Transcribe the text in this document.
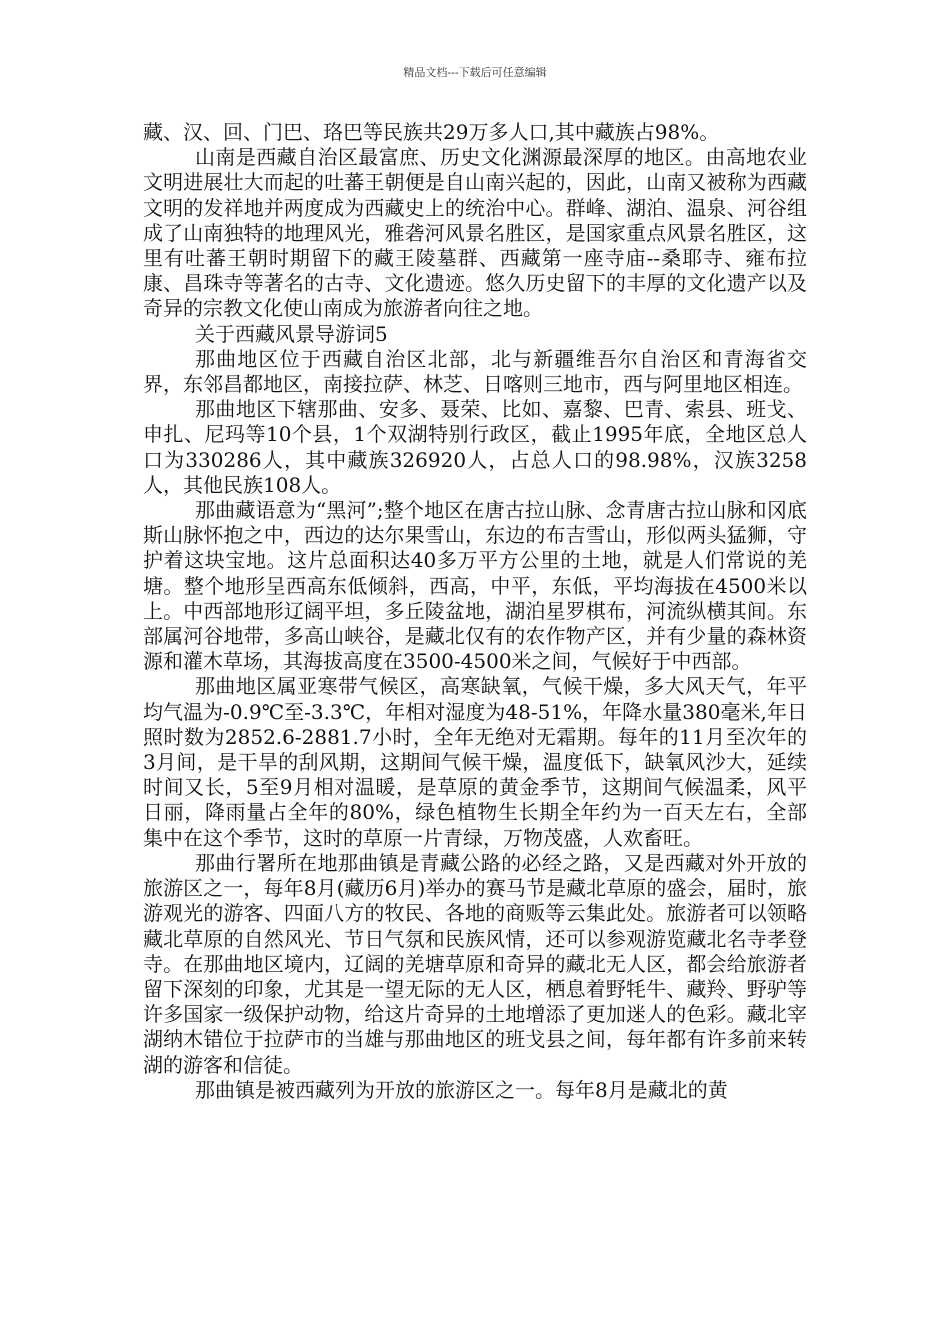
精品文档---下载后可任意编辑

藏、汉、回、门巴、珞巴等民族共29万多人口,其中藏族占98%。

山南是西藏自治区最富庶、历史文化渊源最深厚的地区。由高地农业文明进展壮大而起的吐蕃王朝便是自山南兴起的，因此，山南又被称为西藏文明的发祥地并两度成为西藏史上的统治中心。群峰、湖泊、温泉、河谷组成了山南独特的地理风光，雅砻河风景名胜区，是国家重点风景名胜区，这里有吐蕃王朝时期留下的藏王陵墓群、西藏第一座寺庙--桑耶寺、雍布拉康、昌珠寺等著名的古寺、文化遗迹。悠久历史留下的丰厚的文化遗产以及奇异的宗教文化使山南成为旅游者向往之地。

关于西藏风景导游词5

那曲地区位于西藏自治区北部，北与新疆维吾尔自治区和青海省交界，东邻昌都地区，南接拉萨、林芝、日喀则三地市，西与阿里地区相连。

那曲地区下辖那曲、安多、聂荣、比如、嘉黎、巴青、索县、班戈、申扎、尼玛等10个县，1个双湖特别行政区，截止1995年底，全地区总人口为330286人，其中藏族326920人，占总人口的98.98%，汉族3258人，其他民族108人。

那曲藏语意为“黑河”;整个地区在唐古拉山脉、念青唐古拉山脉和冈底斯山脉怀抱之中，西边的达尔果雪山，东边的布吉雪山，形似两头猛狮，守护着这块宝地。这片总面积达40多万平方公里的土地，就是人们常说的羌塘。整个地形呈西高东低倾斜，西高，中平，东低，平均海拔在4500米以上。中西部地形辽阔平坦，多丘陵盆地，湖泊星罗棋布，河流纵横其间。东部属河谷地带，多高山峡谷，是藏北仅有的农作物产区，并有少量的森林资源和灌木草场，其海拔高度在3500-4500米之间，气候好于中西部。

那曲地区属亚寒带气候区，高寒缺氧，气候干燥，多大风天气，年平均气温为-0.9℃至-3.3℃，年相对湿度为48-51%，年降水量380毫米,年日照时数为2852.6-2881.7小时，全年无绝对无霜期。每年的11月至次年的3月间，是干旱的刮风期，这期间气候干燥，温度低下，缺氧风沙大，延续时间又长，5至9月相对温暖，是草原的黄金季节，这期间气候温柔，风平日丽，降雨量占全年的80%，绿色植物生长期全年约为一百天左右，全部集中在这个季节，这时的草原一片青绿，万物茂盛，人欢畜旺。

那曲行署所在地那曲镇是青藏公路的必经之路，又是西藏对外开放的旅游区之一，每年8月(藏历6月)举办的赛马节是藏北草原的盛会，届时，旅游观光的游客、四面八方的牧民、各地的商贩等云集此处。旅游者可以领略藏北草原的自然风光、节日气氛和民族风情，还可以参观游览藏北名寺孝登寺。在那曲地区境内，辽阔的羌塘草原和奇异的藏北无人区，都会给旅游者留下深刻的印象，尤其是一望无际的无人区，栖息着野牦牛、藏羚、野驴等许多国家一级保护动物，给这片奇异的土地增添了更加迷人的色彩。藏北宰湖纳木错位于拉萨市的当雄与那曲地区的班戈县之间，每年都有许多前来转湖的游客和信徒。

那曲镇是被西藏列为开放的旅游区之一。每年8月是藏北的黄
